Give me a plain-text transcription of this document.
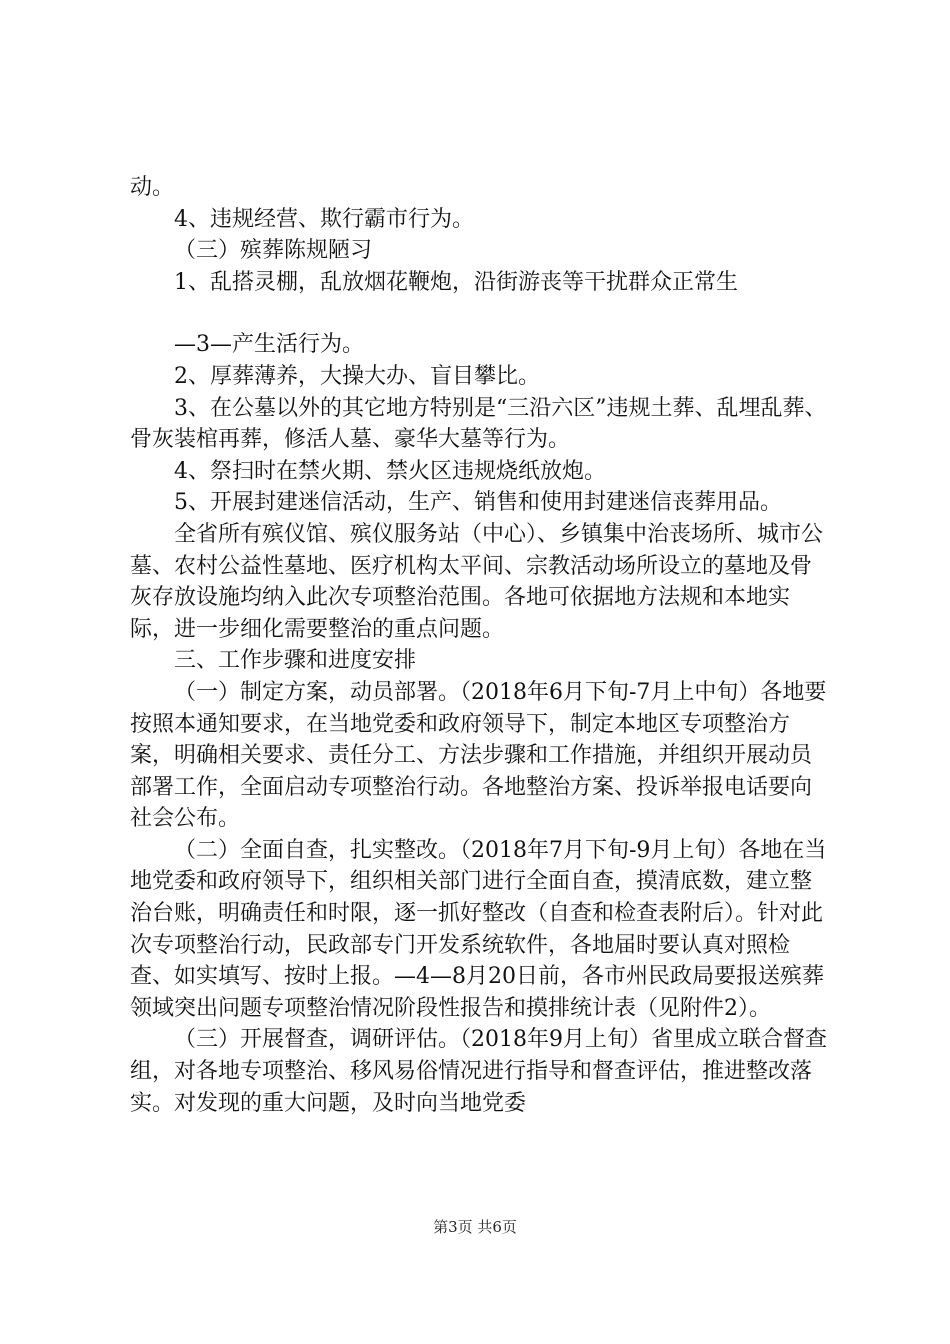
动。

4、违规经营、欺行霸市行为。

（三）殡葬陈规陋习

1、乱搭灵棚，乱放烟花鞭炮，沿街游丧等干扰群众正常生

—3—产生活行为。

2、厚葬薄养，大操大办、盲目攀比。

3、在公墓以外的其它地方特别是“三沿六区”违规土葬、乱埋乱葬、骨灰装棺再葬，修活人墓、豪华大墓等行为。

4、祭扫时在禁火期、禁火区违规烧纸放炮。

5、开展封建迷信活动，生产、销售和使用封建迷信丧葬用品。

全省所有殡仪馆、殡仪服务站（中心）、乡镇集中治丧场所、城市公墓、农村公益性墓地、医疗机构太平间、宗教活动场所设立的墓地及骨灰存放设施均纳入此次专项整治范围。各地可依据地方法规和本地实际，进一步细化需要整治的重点问题。

三、工作步骤和进度安排

（一）制定方案，动员部署。（2018年6月下旬-7月上中旬）各地要按照本通知要求，在当地党委和政府领导下，制定本地区专项整治方案，明确相关要求、责任分工、方法步骤和工作措施，并组织开展动员部署工作，全面启动专项整治行动。各地整治方案、投诉举报电话要向社会公布。

（二）全面自查，扎实整改。（2018年7月下旬-9月上旬）各地在当地党委和政府领导下，组织相关部门进行全面自查，摸清底数，建立整治台账，明确责任和时限，逐一抓好整改（自查和检查表附后）。针对此次专项整治行动，民政部专门开发系统软件，各地届时要认真对照检查、如实填写、按时上报。—4—8月20日前，各市州民政局要报送殡葬领域突出问题专项整治情况阶段性报告和摸排统计表（见附件2）。

（三）开展督查，调研评估。（2018年9月上旬）省里成立联合督查组，对各地专项整治、移风易俗情况进行指导和督查评估，推进整改落实。对发现的重大问题，及时向当地党委

第3页 共6页
